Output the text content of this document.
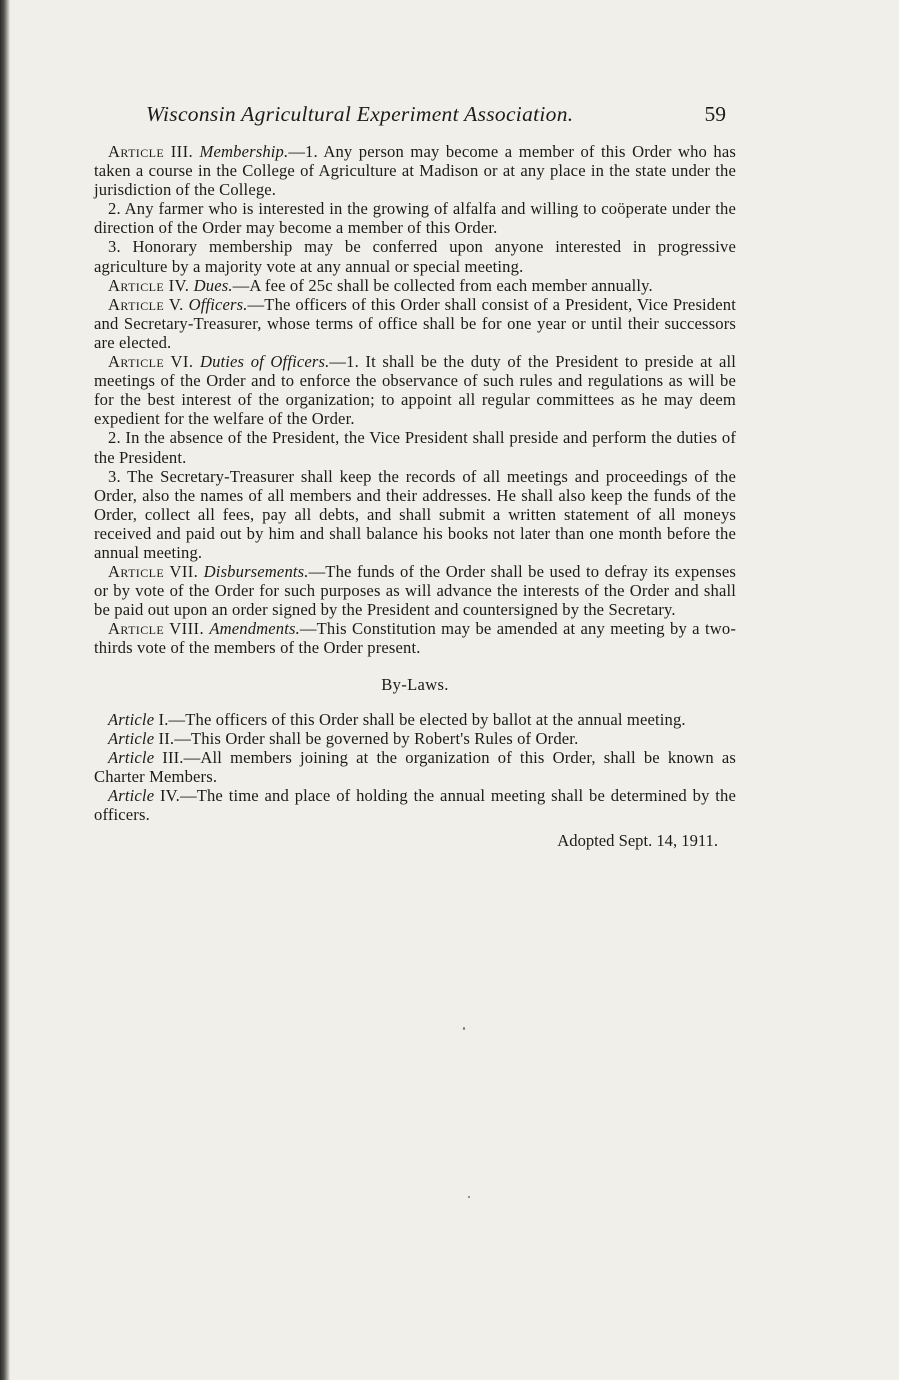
Wisconsin Agricultural Experiment Association.	59

Article III. Membership.—1. Any person may become a member of this Order who has taken a course in the College of Agriculture at Madison or at any place in the state under the jurisdiction of the College.

2. Any farmer who is interested in the growing of alfalfa and willing to coöperate under the direction of the Order may become a member of this Order.

3. Honorary membership may be conferred upon anyone interested in progressive agriculture by a majority vote at any annual or special meeting.

Article IV. Dues.—A fee of 25c shall be collected from each member annually.

Article V. Officers.—The officers of this Order shall consist of a President, Vice President and Secretary-Treasurer, whose terms of office shall be for one year or until their successors are elected.

Article VI. Duties of Officers.—1. It shall be the duty of the President to preside at all meetings of the Order and to enforce the observance of such rules and regulations as will be for the best interest of the organization; to appoint all regular committees as he may deem expedient for the welfare of the Order.

2. In the absence of the President, the Vice President shall preside and perform the duties of the President.

3. The Secretary-Treasurer shall keep the records of all meetings and proceedings of the Order, also the names of all members and their addresses. He shall also keep the funds of the Order, collect all fees, pay all debts, and shall submit a written statement of all moneys received and paid out by him and shall balance his books not later than one month before the annual meeting.

Article VII. Disbursements.—The funds of the Order shall be used to defray its expenses or by vote of the Order for such purposes as will advance the interests of the Order and shall be paid out upon an order signed by the President and countersigned by the Secretary.

Article VIII. Amendments.—This Constitution may be amended at any meeting by a two-thirds vote of the members of the Order present.

By-Laws.

Article I.—The officers of this Order shall be elected by ballot at the annual meeting.

Article II.—This Order shall be governed by Robert's Rules of Order.

Article III.—All members joining at the organization of this Order, shall be known as Charter Members.

Article IV.—The time and place of holding the annual meeting shall be determined by the officers.

Adopted Sept. 14, 1911.
